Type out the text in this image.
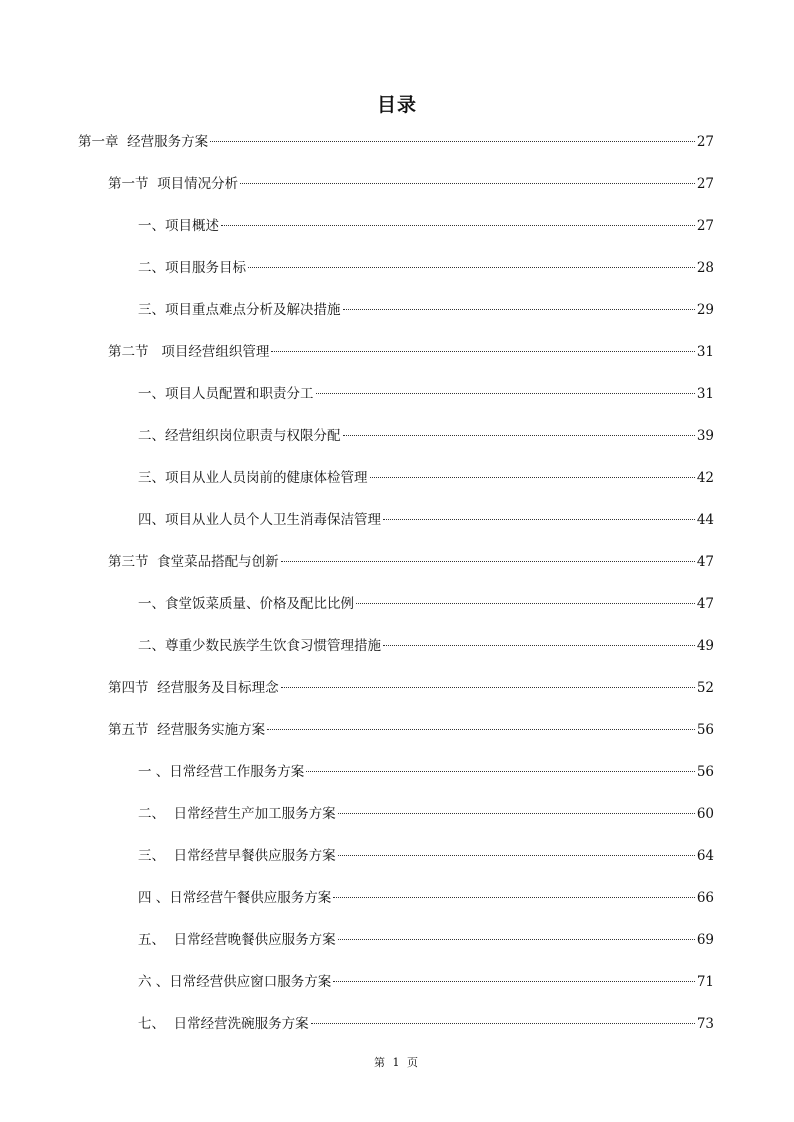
目录
第一章  经营服务方案	27
第一节  项目情况分析	27
一、项目概述	27
二、项目服务目标	28
三、项目重点难点分析及解决措施	29
第二节   项目经营组织管理	31
一、项目人员配置和职责分工	31
二、经营组织岗位职责与权限分配	39
三、项目从业人员岗前的健康体检管理	42
四、项目从业人员个人卫生消毒保洁管理	44
第三节  食堂菜品搭配与创新	47
一、食堂饭菜质量、价格及配比比例	47
二、尊重少数民族学生饮食习惯管理措施	49
第四节  经营服务及目标理念	52
第五节  经营服务实施方案	56
一 、日常经营工作服务方案	56
二、  日常经营生产加工服务方案	60
三、  日常经营早餐供应服务方案	64
四 、日常经营午餐供应服务方案	66
五、  日常经营晚餐供应服务方案	69
六 、日常经营供应窗口服务方案	71
七、  日常经营洗碗服务方案	73
第 1 页
